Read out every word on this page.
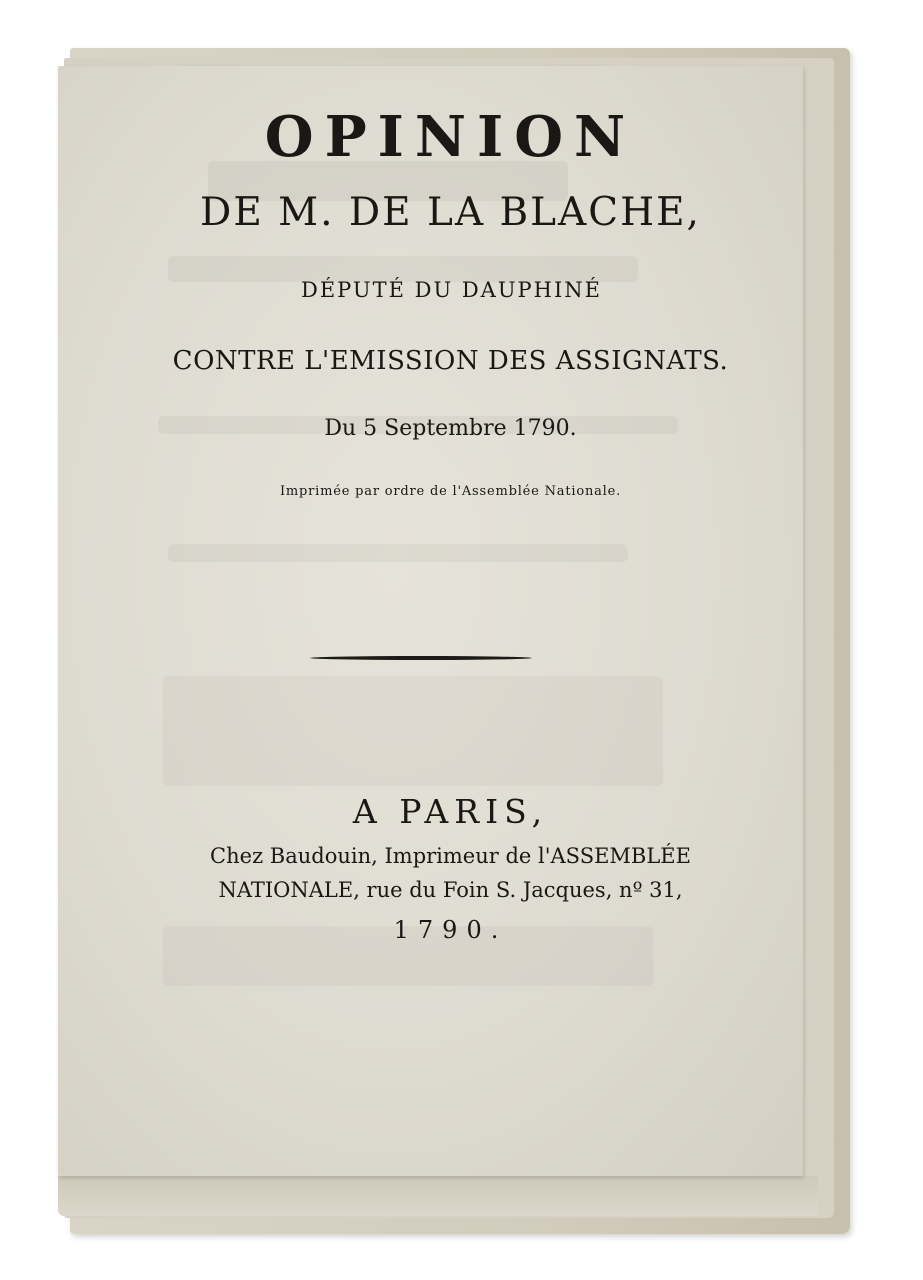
OPINION
DE M. DE LA BLACHE,
DÉPUTÉ DU DAUPHINÉ
CONTRE L'EMISSION DES ASSIGNATS.
Du 5 Septembre 1790.
Imprimée par ordre de l'Assemblée Nationale.
A PARIS,
Chez Baudouin, Imprimeur de l'ASSEMBLÉE
NATIONALE, rue du Foin S. Jacques, nº 31,
1790.
